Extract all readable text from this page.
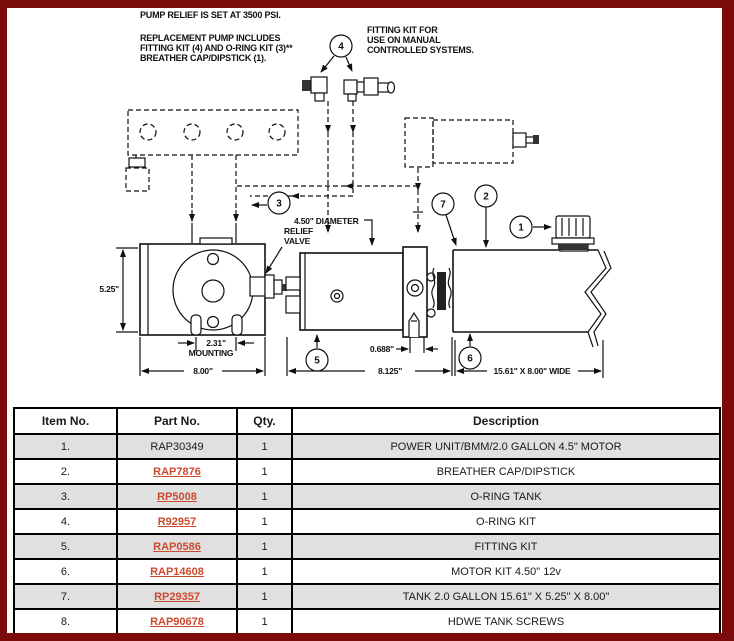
PUMP RELIEF IS SET AT 3500 PSI.
REPLACEMENT PUMP INCLUDES
FITTING KIT (4) AND O-RING KIT (3)**
BREATHER CAP/DIPSTICK (1).
FITTING KIT FOR
USE ON MANUAL
CONTROLLED SYSTEMS.
4.50" DIAMETER
RELIEF
VALVE
5.25"
2.31"
MOUNTING
8.00"
0.688"
8.125"	15.61" X 8.00" WIDE
4
3	7
2
1
5	6
Item No.	Part No.	Qty.	Description
1.	RAP30349	1	POWER UNIT/BMM/2.0 GALLON 4.5" MOTOR
2.	RAP7876	1	BREATHER CAP/DIPSTICK
3.	RP5008	1	O-RING TANK
4.	R92957	1	O-RING KIT
5.	RAP0586	1	FITTING KIT
6.	RAP14608	1	MOTOR KIT 4.50" 12v
7.	RP29357	1	TANK 2.0 GALLON 15.61" X 5.25" X 8.00"
8.	RAP90678	1	HDWE TANK SCREWS
